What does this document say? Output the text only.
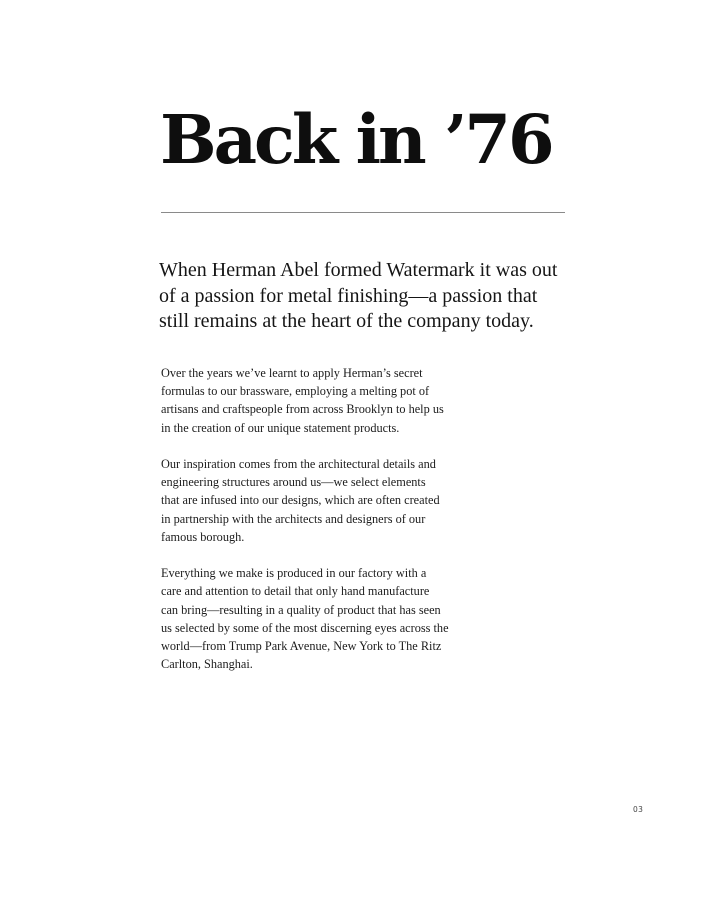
Back in ’76
When Herman Abel formed Watermark it was out
of a passion for metal finishing—a passion that
still remains at the heart of the company today.

Over the years we’ve learnt to apply Herman’s secret
formulas to our brassware, employing a melting pot of
artisans and craftspeople from across Brooklyn to help us
in the creation of our unique statement products.

Our inspiration comes from the architectural details and
engineering structures around us—we select elements
that are infused into our designs, which are often created
in partnership with the architects and designers of our
famous borough.

Everything we make is produced in our factory with a
care and attention to detail that only hand manufacture
can bring—resulting in a quality of product that has seen
us selected by some of the most discerning eyes across the
world—from Trump Park Avenue, New York to The Ritz
Carlton, Shanghai.

03
